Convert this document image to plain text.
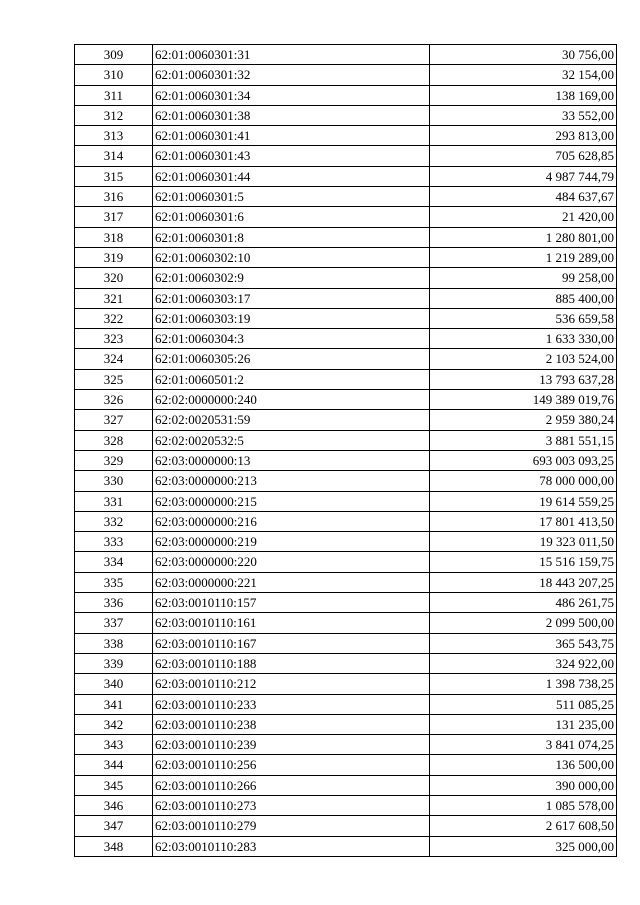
309	62:01:0060301:31	30 756,00
310	62:01:0060301:32	32 154,00
311	62:01:0060301:34	138 169,00
312	62:01:0060301:38	33 552,00
313	62:01:0060301:41	293 813,00
314	62:01:0060301:43	705 628,85
315	62:01:0060301:44	4 987 744,79
316	62:01:0060301:5	484 637,67
317	62:01:0060301:6	21 420,00
318	62:01:0060301:8	1 280 801,00
319	62:01:0060302:10	1 219 289,00
320	62:01:0060302:9	99 258,00
321	62:01:0060303:17	885 400,00
322	62:01:0060303:19	536 659,58
323	62:01:0060304:3	1 633 330,00
324	62:01:0060305:26	2 103 524,00
325	62:01:0060501:2	13 793 637,28
326	62:02:0000000:240	149 389 019,76
327	62:02:0020531:59	2 959 380,24
328	62:02:0020532:5	3 881 551,15
329	62:03:0000000:13	693 003 093,25
330	62:03:0000000:213	78 000 000,00
331	62:03:0000000:215	19 614 559,25
332	62:03:0000000:216	17 801 413,50
333	62:03:0000000:219	19 323 011,50
334	62:03:0000000:220	15 516 159,75
335	62:03:0000000:221	18 443 207,25
336	62:03:0010110:157	486 261,75
337	62:03:0010110:161	2 099 500,00
338	62:03:0010110:167	365 543,75
339	62:03:0010110:188	324 922,00
340	62:03:0010110:212	1 398 738,25
341	62:03:0010110:233	511 085,25
342	62:03:0010110:238	131 235,00
343	62:03:0010110:239	3 841 074,25
344	62:03:0010110:256	136 500,00
345	62:03:0010110:266	390 000,00
346	62:03:0010110:273	1 085 578,00
347	62:03:0010110:279	2 617 608,50
348	62:03:0010110:283	325 000,00
